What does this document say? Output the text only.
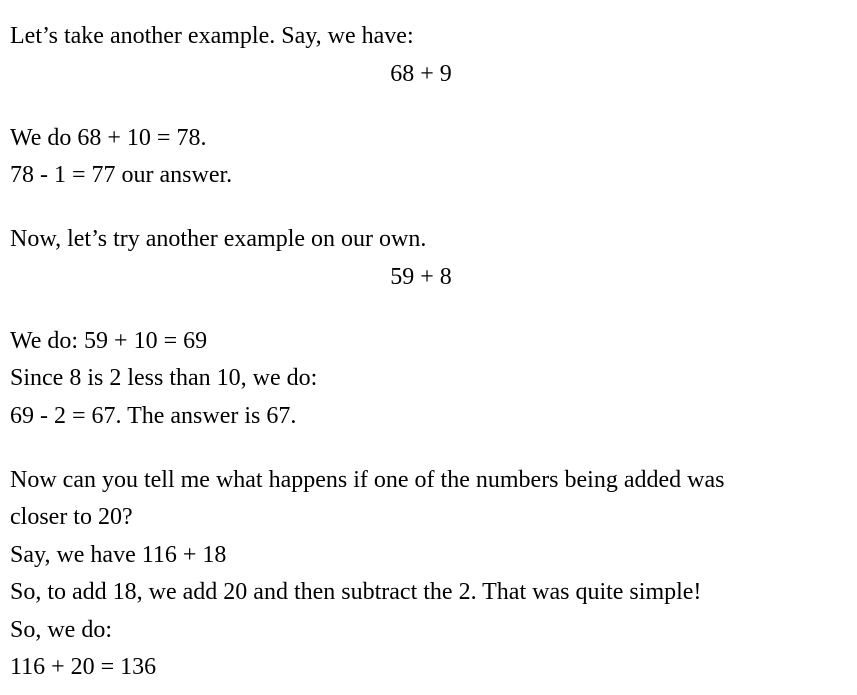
Let’s take another example. Say, we have:
68 + 9
We do 68 + 10 = 78.
78 - 1 = 77 our answer.
Now, let’s try another example on our own.
59 + 8
We do: 59 + 10 = 69
Since 8 is 2 less than 10, we do:
69 - 2 = 67. The answer is 67.
Now can you tell me what happens if one of the numbers being added was
closer to 20?
Say, we have 116 + 18
So, to add 18, we add 20 and then subtract the 2. That was quite simple!
So, we do:
116 + 20 = 136
